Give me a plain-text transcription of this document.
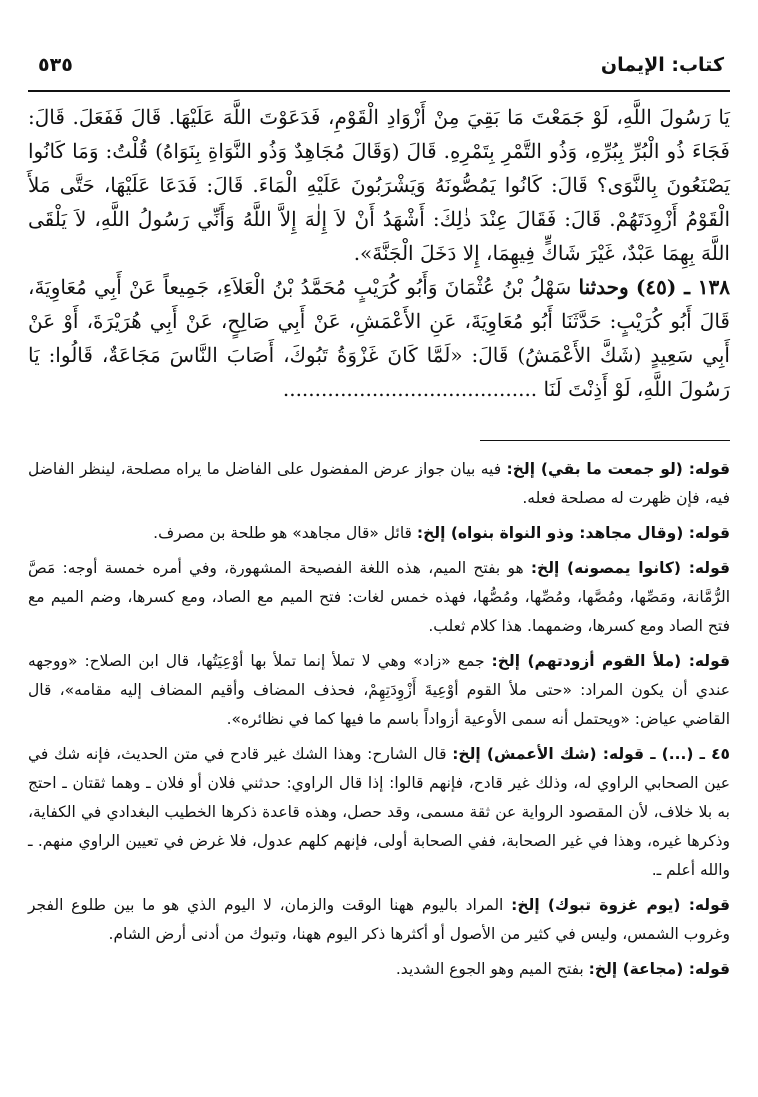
كتاب: الإيمان
٥٣٥

يَا رَسُولَ اللَّهِ، لَوْ جَمَعْتَ مَا بَقِيَ مِنْ أَزْوَادِ الْقَوْمِ، فَدَعَوْتَ اللَّهَ عَلَيْهَا. قَالَ فَفَعَلَ. قَالَ: فَجَاءَ ذُو الْبُرِّ بِبُرِّهِ، وَذُو التَّمْرِ بِتَمْرِهِ. قَالَ (وَقَالَ مُجَاهِدٌ وَذُو النَّوَاةِ بِنَوَاهُ) قُلْتُ: وَمَا كَانُوا يَصْنَعُونَ بِالنَّوَى؟ قَالَ: كَانُوا يَمُصُّونَهُ وَيَشْرَبُونَ عَلَيْهِ الْمَاءَ. قَالَ: فَدَعَا عَلَيْهَا، حَتَّى مَلأَ الْقَوْمُ أَزْوِدَتَهُمْ. قَالَ: فَقَالَ عِنْدَ ذٰلِكَ: أَشْهَدُ أَنْ لاَ إِلٰهَ إِلاَّ اللَّهُ وَأَنِّي رَسُولُ اللَّهِ، لاَ يَلْقَى اللَّهَ بِهِمَا عَبْدٌ، غَيْرَ شَاكٍّ فِيهِمَا، إِلا دَخَلَ الْجَنَّةَ».

١٣٨ ـ (٤٥) وحدثنا سَهْلُ بْنُ عُثْمَانَ وَأَبُو كُرَيْبٍ مُحَمَّدُ بْنُ الْعَلاَءِ، جَمِيعاً عَنْ أَبِي مُعَاوِيَةَ، قَالَ أَبُو كُرَيْبٍ: حَدَّثَنَا أَبُو مُعَاوِيَةَ، عَنِ الأَعْمَشِ، عَنْ أَبِي صَالِحٍ، عَنْ أَبِي هُرَيْرَةَ، أَوْ عَنْ أَبِي سَعِيدٍ (شَكَّ الأَعْمَشُ) قَالَ: «لَمَّا كَانَ غَزْوَةُ تَبُوكَ، أَصَابَ النَّاسَ مَجَاعَةٌ، قَالُوا: يَا رَسُولَ اللَّهِ، لَوْ أَذِنْتَ لَنَا ........................................

قوله: (لو جمعت ما بقي) إلخ: فيه بيان جواز عرض المفضول على الفاضل ما يراه مصلحة، لينظر الفاضل فيه، فإن ظهرت له مصلحة فعله.

قوله: (وقال مجاهد: وذو النواة بنواه) إلخ: قائل «قال مجاهد» هو طلحة بن مصرف.

قوله: (كانوا يمصونه) إلخ: هو بفتح الميم، هذه اللغة الفصيحة المشهورة، وفي أمره خمسة أوجه: مَصَّ الرُّمَّانة، ومَصِّها، ومُصَّها، ومُصِّها، ومُصُّها، فهذه خمس لغات: فتح الميم مع الصاد، ومع كسرها، وضم الميم مع فتح الصاد ومع كسرها، وضمهما. هذا كلام ثعلب.

قوله: (ملأ القوم أزودتهم) إلخ: جمع «زاد» وهي لا تملأ إنما تملأ بها أوْعِيَتُها، قال ابن الصلاح: «ووجهه عندي أن يكون المراد: «حتى ملأ القوم أوْعِيةَ أَزْوِدَتِهِمْ، فحذف المضاف وأقيم المضاف إليه مقامه»، قال القاضي عياض: «ويحتمل أنه سمى الأوعية أزواداً باسم ما فيها كما في نظائره».

٤٥ ـ (...) ـ قوله: (شك الأعمش) إلخ: قال الشارح: وهذا الشك غير قادح في متن الحديث، فإنه شك في عين الصحابي الراوي له، وذلك غير قادح، فإنهم قالوا: إذا قال الراوي: حدثني فلان أو فلان ـ وهما ثقتان ـ احتج به بلا خلاف، لأن المقصود الرواية عن ثقة مسمى، وقد حصل، وهذه قاعدة ذكرها الخطيب البغدادي في الكفاية، وذكرها غيره، وهذا في غير الصحابة، ففي الصحابة أولى، فإنهم كلهم عدول، فلا غرض في تعيين الراوي منهم. ـ والله أعلم ـ.

قوله: (يوم غزوة تبوك) إلخ: المراد باليوم ههنا الوقت والزمان، لا اليوم الذي هو ما بين طلوع الفجر وغروب الشمس، وليس في كثير من الأصول أو أكثرها ذكر اليوم ههنا، وتبوك من أدنى أرض الشام.

قوله: (مجاعة) إلخ: بفتح الميم وهو الجوع الشديد.
